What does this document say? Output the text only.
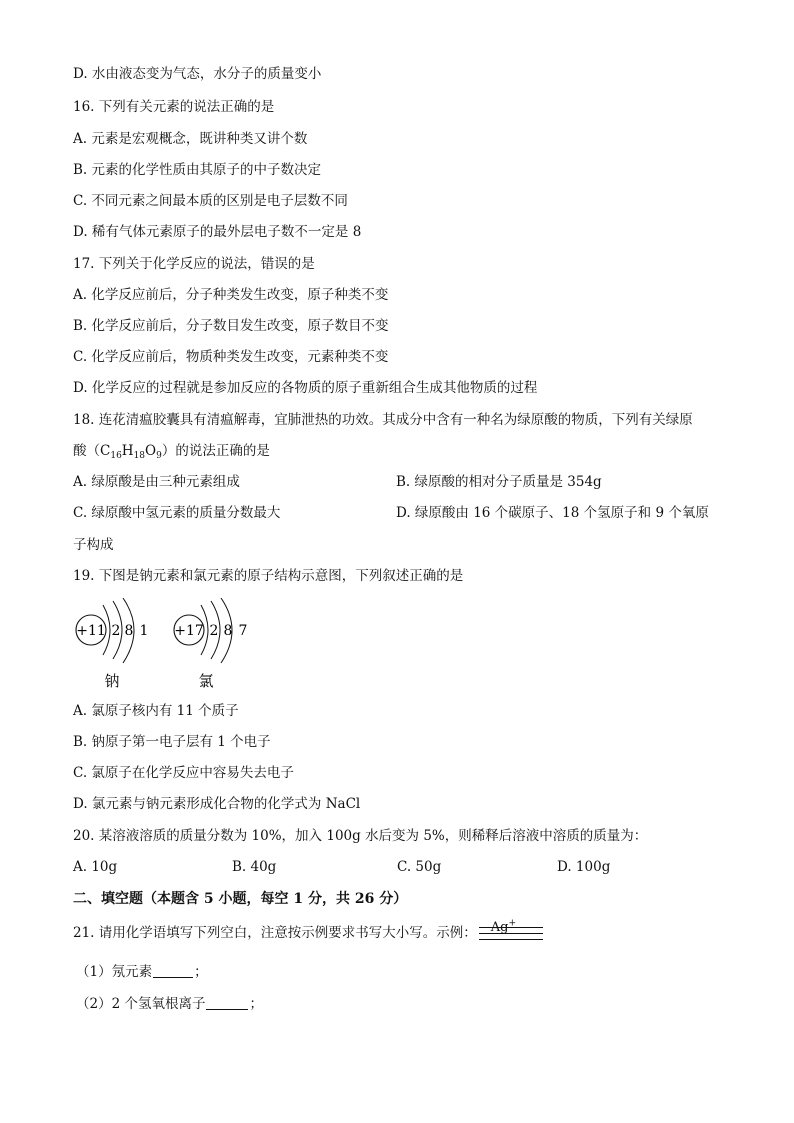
D. 水由液态变为气态，水分子的质量变小
16. 下列有关元素的说法正确的是
A. 元素是宏观概念，既讲种类又讲个数
B. 元素的化学性质由其原子的中子数决定
C. 不同元素之间最本质的区别是电子层数不同
D. 稀有气体元素原子的最外层电子数不一定是 8
17. 下列关于化学反应的说法，错误的是
A. 化学反应前后，分子种类发生改变，原子种类不变
B. 化学反应前后，分子数目发生改变，原子数目不变
C. 化学反应前后，物质种类发生改变，元素种类不变
D. 化学反应的过程就是参加反应的各物质的原子重新组合生成其他物质的过程
18. 连花清瘟胶囊具有清瘟解毒，宜肺泄热的功效。其成分中含有一种名为绿原酸的物质，下列有关绿原
酸$(C_{16}H_{18}O_9)$的说法正确的是
A. 绿原酸是由三种元素组成	B. 绿原酸的相对分子质量是 354g
C. 绿原酸中氢元素的质量分数最大	D. 绿原酸由 16 个碳原子、18 个氢原子和 9 个氧原
子构成
19. 下图是钠元素和氯元素的原子结构示意图，下列叙述正确的是
+11 2 8 1
钠
+17 2 8 7
氯
A. 氯原子核内有 11 个质子
B. 钠原子第一电子层有 1 个电子
C. 氯原子在化学反应中容易失去电子
D. 氯元素与钠元素形成化合物的化学式为 NaCl
20. 某溶液溶质的质量分数为 10%，加入 100g 水后变为 5%，则稀释后溶液中溶质的质量为：
A. 10g	B. 40g	C. 50g	D. 100g
二、填空题（本题含 5 小题，每空 1 分，共 26 分）
21. 请用化学语填写下列空白，注意按示例要求书写大小写。示例： Ag+
（1）氖元素	；
（2）2 个氢氧根离子	；
